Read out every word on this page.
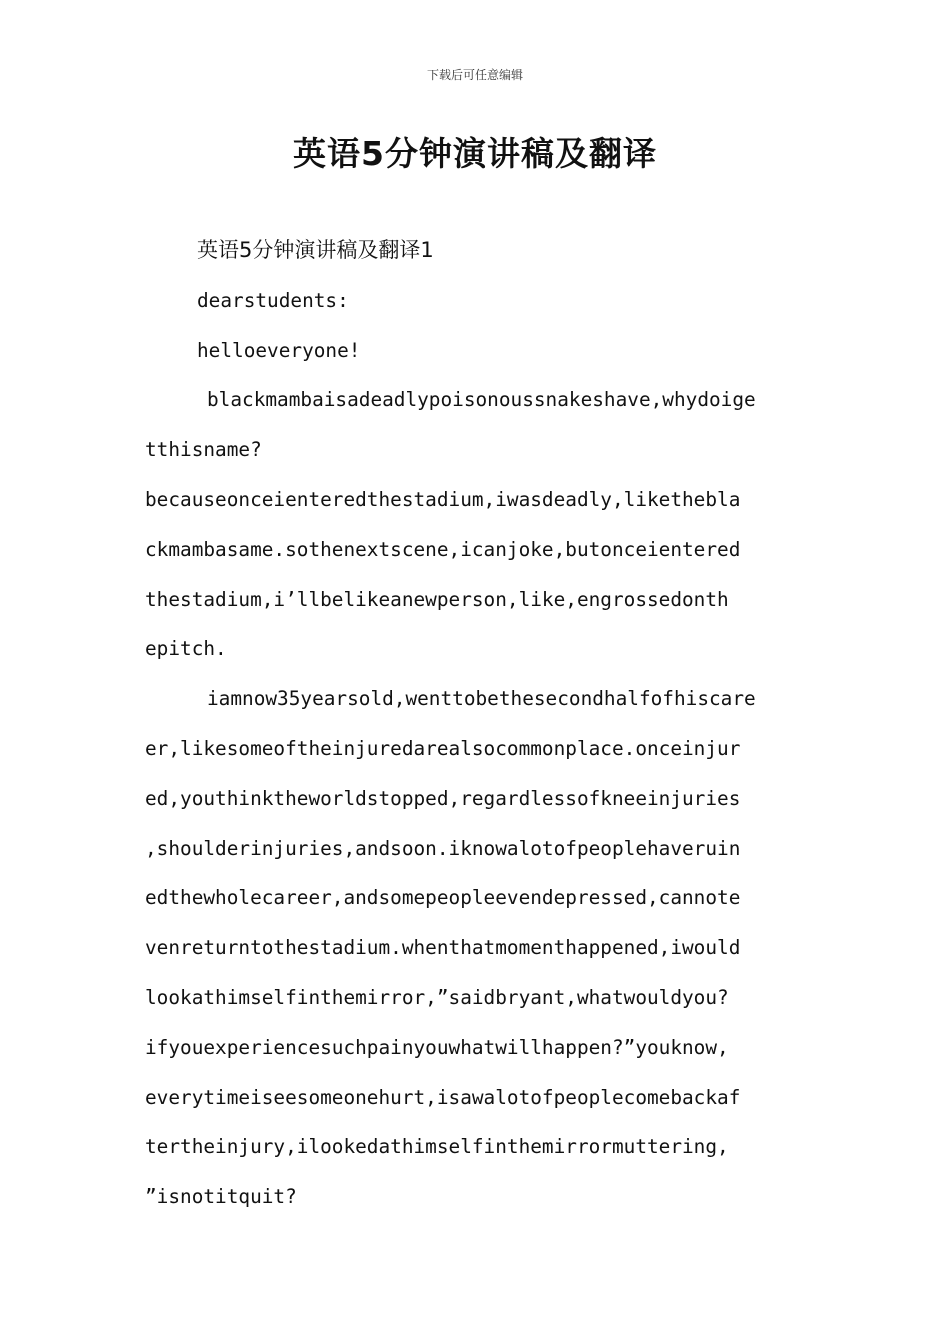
下载后可任意编辑
英语5分钟演讲稿及翻译
英语5分钟演讲稿及翻译1
dearstudents:
helloeveryone!
blackmambaisadeadlypoisonoussnakeshave,whydoige
tthisname?
becauseonceienteredthestadium,iwasdeadly,likethebla
ckmambasame.sothenextscene,icanjoke,butonceientered
thestadium,i’llbelikeanewperson,like,engrossedonth
epitch.
iamnow35yearsold,wenttobethesecondhalfofhiscare
er,likesomeoftheinjuredarealsocommonplace.onceinjur
ed,youthinktheworldstopped,regardlessofkneeinjuries
,shoulderinjuries,andsoon.iknowalotofpeoplehaveruin
edthewholecareer,andsomepeopleevendepressed,cannote
venreturntothestadium.whenthatmomenthappened,iwould
lookathimselfinthemirror,”saidbryant,whatwouldyou?
ifyouexperiencesuchpainyouwhatwillhappen?”youknow,
everytimeiseesomeonehurt,isawalotofpeoplecomebackaf
tertheinjury,ilookedathimselfinthemirrormuttering,
”isnotitquit?
